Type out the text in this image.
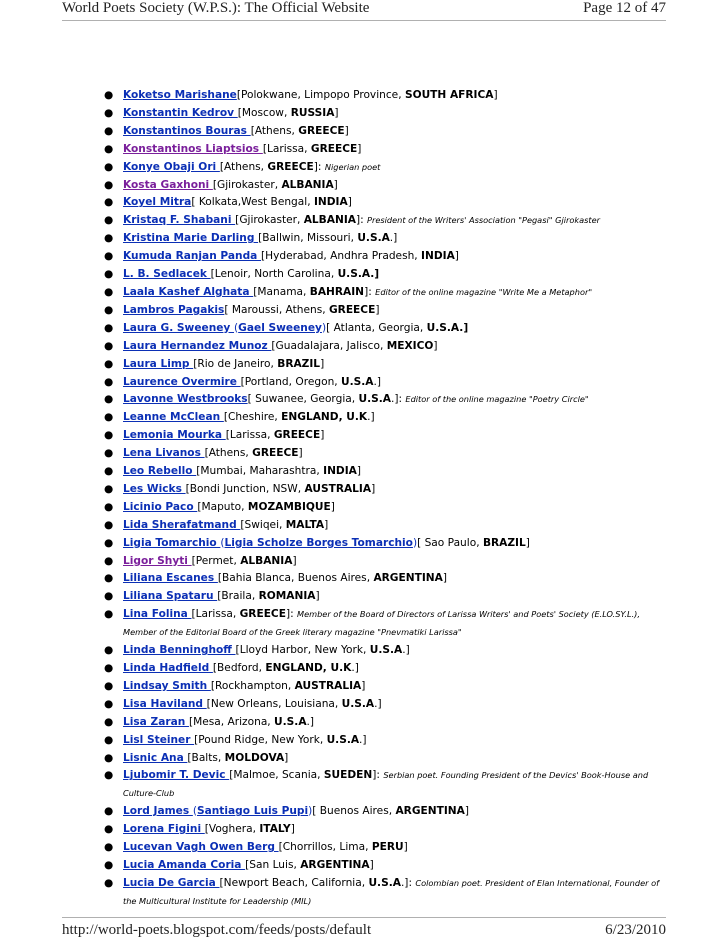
World Poets Society (W.P.S.): The Official Website	Page 12 of 47
● Koketso Marishane[Polokwane, Limpopo Province, SOUTH AFRICA]
● Konstantin Kedrov [Moscow, RUSSIA]
● Konstantinos Bouras [Athens, GREECE]
● Konstantinos Liaptsios [Larissa, GREECE]
● Konye Obaji Ori [Athens, GREECE]: Nigerian poet
● Kosta Gaxhoni [Gjirokaster, ALBANIA]
● Koyel Mitra[ Kolkata,West Bengal, INDIA]
● Kristaq F. Shabani [Gjirokaster, ALBANIA]: President of the Writers' Association "Pegasi" Gjirokaster
● Kristina Marie Darling [Ballwin, Missouri, U.S.A.]
● Kumuda Ranjan Panda [Hyderabad, Andhra Pradesh, INDIA]
● L. B. Sedlacek [Lenoir, North Carolina, U.S.A.]
● Laala Kashef Alghata [Manama, BAHRAIN]: Editor of the online magazine "Write Me a Metaphor"
● Lambros Pagakis[ Maroussi, Athens, GREECE]
● Laura G. Sweeney (Gael Sweeney)[ Atlanta, Georgia, U.S.A.]
● Laura Hernandez Munoz [Guadalajara, Jalisco, MEXICO]
● Laura Limp [Rio de Janeiro, BRAZIL]
● Laurence Overmire [Portland, Oregon, U.S.A.]
● Lavonne Westbrooks[ Suwanee, Georgia, U.S.A.]: Editor of the online magazine "Poetry Circle"
● Leanne McClean [Cheshire, ENGLAND, U.K.]
● Lemonia Mourka [Larissa, GREECE]
● Lena Livanos [Athens, GREECE]
● Leo Rebello [Mumbai, Maharashtra, INDIA]
● Les Wicks [Bondi Junction, NSW, AUSTRALIA]
● Licinio Paco [Maputo, MOZAMBIQUE]
● Lida Sherafatmand [Swiqei, MALTA]
● Ligia Tomarchio (Ligia Scholze Borges Tomarchio)[ Sao Paulo, BRAZIL]
● Ligor Shyti [Permet, ALBANIA]
● Liliana Escanes [Bahia Blanca, Buenos Aires, ARGENTINA]
● Liliana Spataru [Braila, ROMANIA]
● Lina Folina [Larissa, GREECE]: Member of the Board of Directors of Larissa Writers' and Poets' Society (E.LO.SY.L.), Member of the Editorial Board of the Greek literary magazine "Pnevmatiki Larissa"
● Linda Benninghoff [Lloyd Harbor, New York, U.S.A.]
● Linda Hadfield [Bedford, ENGLAND, U.K.]
● Lindsay Smith [Rockhampton, AUSTRALIA]
● Lisa Haviland [New Orleans, Louisiana, U.S.A.]
● Lisa Zaran [Mesa, Arizona, U.S.A.]
● Lisl Steiner [Pound Ridge, New York, U.S.A.]
● Lisnic Ana [Balts, MOLDOVA]
● Ljubomir T. Devic [Malmoe, Scania, SUEDEN]: Serbian poet. Founding President of the Devics' Book-House and Culture-Club
● Lord James (Santiago Luis Pupi)[ Buenos Aires, ARGENTINA]
● Lorena Figini [Voghera, ITALY]
● Lucevan Vagh Owen Berg [Chorrillos, Lima, PERU]
● Lucia Amanda Coria [San Luis, ARGENTINA]
● Lucia De Garcia [Newport Beach, California, U.S.A.]: Colombian poet. President of Elan International, Founder of the Multicultural Institute for Leadership (MIL)
http://world-poets.blogspot.com/feeds/posts/default	6/23/2010
